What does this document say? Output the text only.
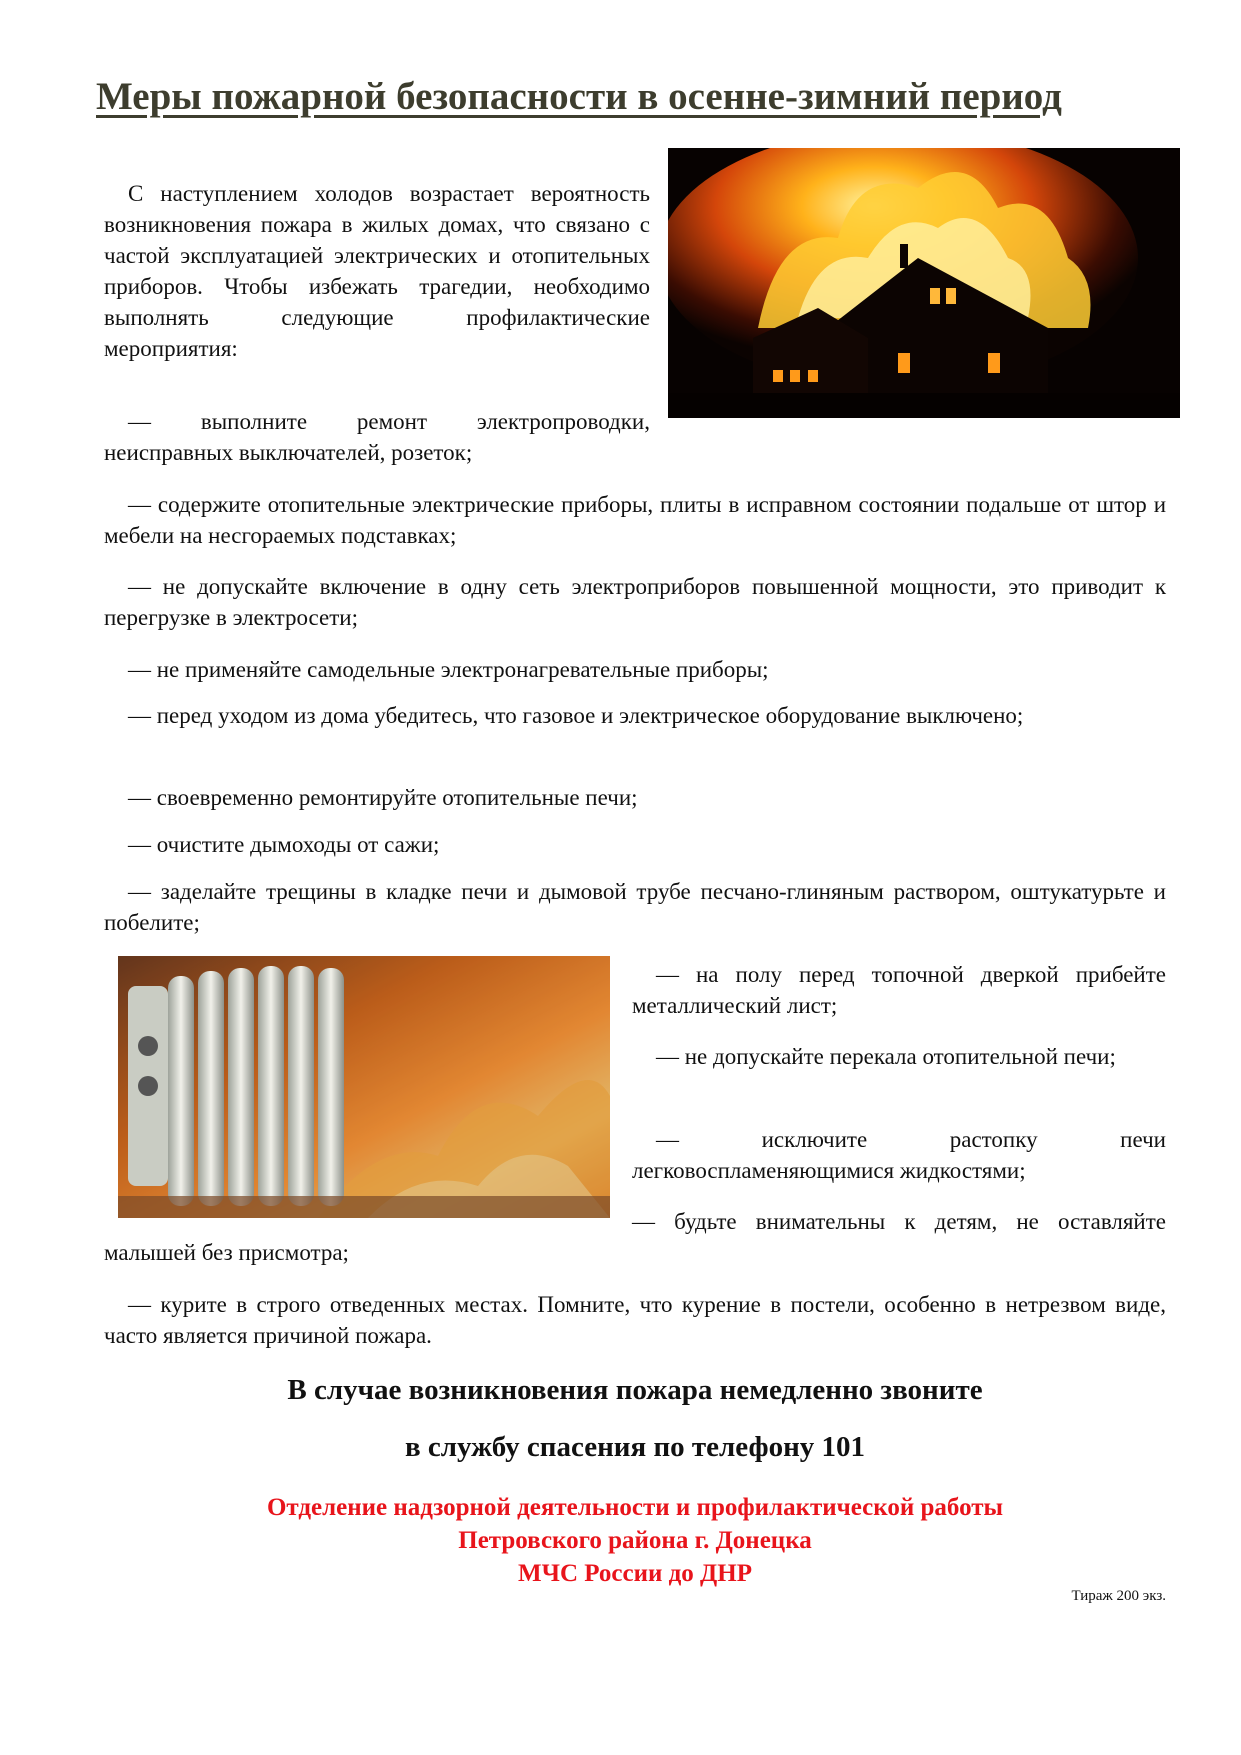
Меры пожарной безопасности в осенне-зимний период

С наступлением холодов возрастает вероятность возникновения пожара в жилых домах, что связано с частой эксплуатацией электрических и отопительных приборов. Чтобы избежать трагедии, необходимо выполнять следующие профилактические мероприятия:

— выполните ремонт электропроводки, неисправных выключателей, розеток;

— содержите отопительные электрические приборы, плиты в исправном состоянии подальше от штор и мебели на несгораемых подставках;

— не допускайте включение в одну сеть электроприборов повышенной мощности, это приводит к перегрузке в электросети;

— не применяйте самодельные электронагревательные приборы;

— перед уходом из дома убедитесь, что газовое и электрическое оборудование выключено;

— своевременно ремонтируйте отопительные печи;

— очистите дымоходы от сажи;

— заделайте трещины в кладке печи и дымовой трубе песчано-глиняным раствором, оштукатурьте и побелите;

— на полу перед топочной дверкой прибейте металлический лист;

— не допускайте перекала отопительной печи;

— исключите растопку печи легковоспламеняющимися жидкостями;

— будьте внимательны к детям, не оставляйте малышей без присмотра;

— курите в строго отведенных местах. Помните, что курение в постели, особенно в нетрезвом виде, часто является причиной пожара.

В случае возникновения пожара немедленно звоните

в службу спасения по телефону 101

Отделение надзорной деятельности и профилактической работы
Петровского района г. Донецка
МЧС России до ДНР
Тираж 200 экз.
